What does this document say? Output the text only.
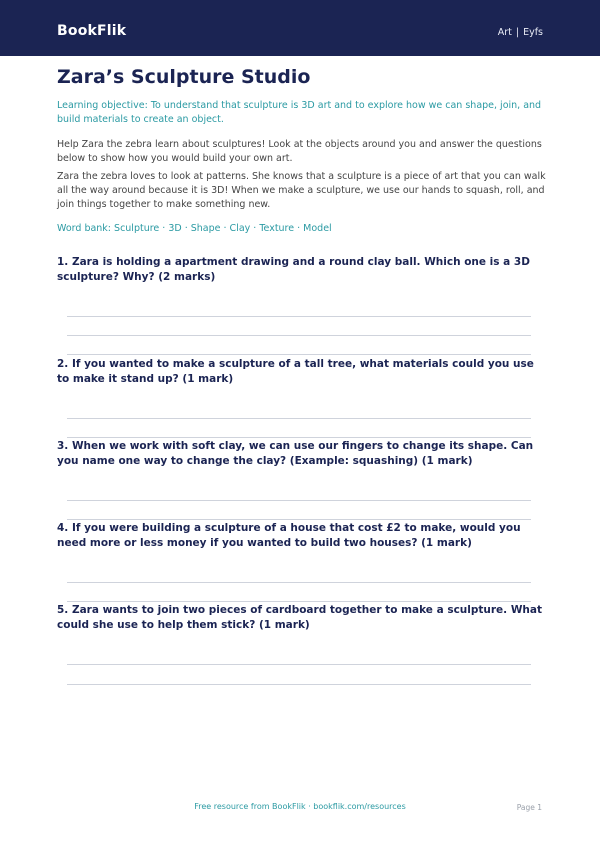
BookFlik	Art | Eyfs
Zara’s Sculpture Studio
Learning objective: To understand that sculpture is 3D art and to explore how we can shape, join, and build materials to create an object.
Help Zara the zebra learn about sculptures! Look at the objects around you and answer the questions below to show how you would build your own art.
Zara the zebra loves to look at patterns. She knows that a sculpture is a piece of art that you can walk all the way around because it is 3D! When we make a sculpture, we use our hands to squash, roll, and join things together to make something new.
Word bank: Sculpture · 3D · Shape · Clay · Texture · Model
1. Zara is holding a apartment drawing and a round clay ball. Which one is a 3D sculpture? Why? (2 marks)
2. If you wanted to make a sculpture of a tall tree, what materials could you use to make it stand up? (1 mark)
3. When we work with soft clay, we can use our fingers to change its shape. Can you name one way to change the clay? (Example: squashing) (1 mark)
4. If you were building a sculpture of a house that cost £2 to make, would you need more or less money if you wanted to build two houses? (1 mark)
5. Zara wants to join two pieces of cardboard together to make a sculpture. What could she use to help them stick? (1 mark)
Free resource from BookFlik · bookflik.com/resources	Page 1
